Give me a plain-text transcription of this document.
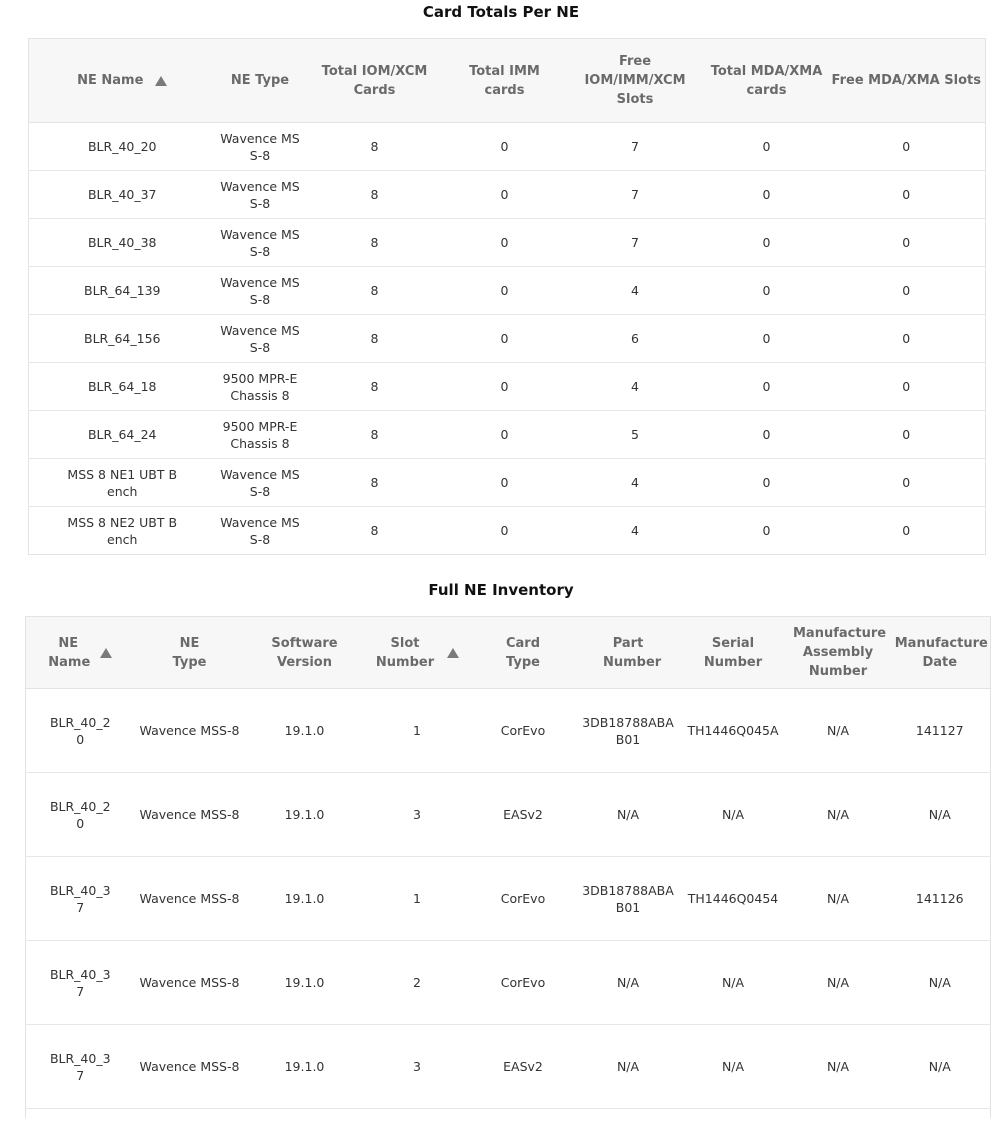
Card Totals Per NE
NE Name	NE Type	Total IOM/XCM Cards	Total IMM cards	Free IOM/IMM/XCM Slots	Total MDA/XMA cards	Free MDA/XMA Slots
BLR_40_20	Wavence MSS-8	8	0	7	0	0
BLR_40_37	Wavence MSS-8	8	0	7	0	0
BLR_40_38	Wavence MSS-8	8	0	7	0	0
BLR_64_139	Wavence MSS-8	8	0	4	0	0
BLR_64_156	Wavence MSS-8	8	0	6	0	0
BLR_64_18	9500 MPR-E Chassis 8	8	0	4	0	0
BLR_64_24	9500 MPR-E Chassis 8	8	0	5	0	0
MSS 8 NE1 UBT Bench	Wavence MSS-8	8	0	4	0	0
MSS 8 NE2 UBT Bench	Wavence MSS-8	8	0	4	0	0
Full NE Inventory
NE Name	NE Type	Software Version	Slot Number	Card Type	Part Number	Serial Number	Manufacture Assembly Number	Manufacture Date
BLR_40_20	Wavence MSS-8	19.1.0	1	CorEvo	3DB18788ABAB01	TH1446Q045A	N/A	141127
BLR_40_20	Wavence MSS-8	19.1.0	3	EASv2	N/A	N/A	N/A	N/A
BLR_40_37	Wavence MSS-8	19.1.0	1	CorEvo	3DB18788ABAB01	TH1446Q0454	N/A	141126
BLR_40_37	Wavence MSS-8	19.1.0	2	CorEvo	N/A	N/A	N/A	N/A
BLR_40_37	Wavence MSS-8	19.1.0	3	EASv2	N/A	N/A	N/A	N/A
